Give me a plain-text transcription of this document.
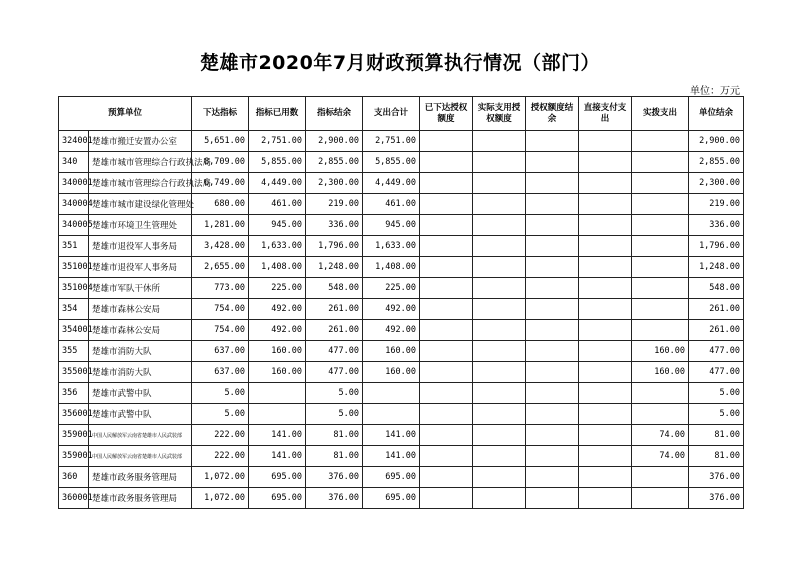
楚雄市2020年7月财政预算执行情况（部门）
单位：万元
预算单位		下达指标	指标已用数	指标结余	支出合计	已下达授权额度	实际支用授权额度	授权额度结余	直接支付支出	实拨支出	单位结余
324001	楚雄市搬迁安置办公室	5,651.00	2,751.00	2,900.00	2,751.00						2,900.00
340	楚雄市城市管理综合行政执法局	8,709.00	5,855.00	2,855.00	5,855.00						2,855.00
340001	楚雄市城市管理综合行政执法局	6,749.00	4,449.00	2,300.00	4,449.00						2,300.00
340004	楚雄市城市建设绿化管理处	680.00	461.00	219.00	461.00						219.00
340005	楚雄市环境卫生管理处	1,281.00	945.00	336.00	945.00						336.00
351	楚雄市退役军人事务局	3,428.00	1,633.00	1,796.00	1,633.00						1,796.00
351001	楚雄市退役军人事务局	2,655.00	1,408.00	1,248.00	1,408.00						1,248.00
351004	楚雄市军队干休所	773.00	225.00	548.00	225.00						548.00
354	楚雄市森林公安局	754.00	492.00	261.00	492.00						261.00
354001	楚雄市森林公安局	754.00	492.00	261.00	492.00						261.00
355	楚雄市消防大队	637.00	160.00	477.00	160.00					160.00	477.00
355001	楚雄市消防大队	637.00	160.00	477.00	160.00					160.00	477.00
356	楚雄市武警中队	5.00		5.00							5.00
356001	楚雄市武警中队	5.00		5.00							5.00
359001	中国人民解放军云南省楚雄市人民武装部	222.00	141.00	81.00	141.00					74.00	81.00
359001	中国人民解放军云南省楚雄市人民武装部	222.00	141.00	81.00	141.00					74.00	81.00
360	楚雄市政务服务管理局	1,072.00	695.00	376.00	695.00						376.00
360001	楚雄市政务服务管理局	1,072.00	695.00	376.00	695.00						376.00
